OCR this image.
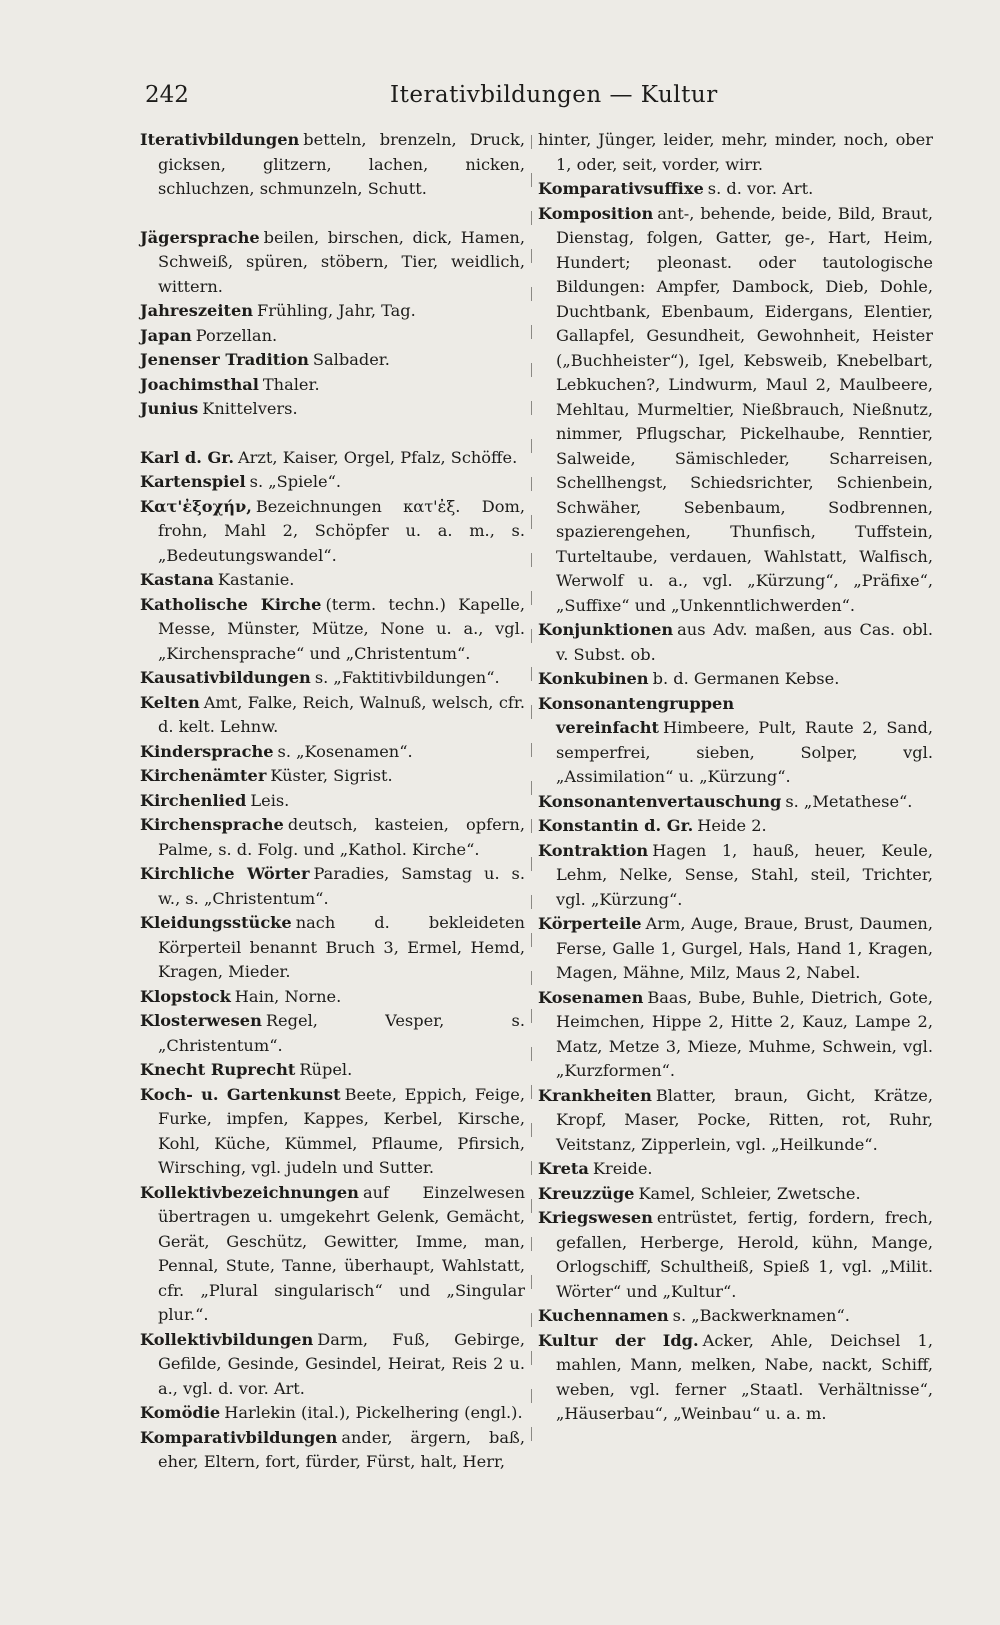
242	Iterativbildungen — Kultur

Iterativbildungen betteln, brenzeln, Druck, gicksen, glitzern, lachen, nicken, schluchzen, schmunzeln, Schutt.

Jägersprache beilen, birschen, dick, Hamen, Schweiß, spüren, stöbern, Tier, weidlich, wittern.

Jahreszeiten Frühling, Jahr, Tag.

Japan Porzellan.

Jenenser Tradition Salbader.

Joachimsthal Thaler.

Junius Knittelvers.

Karl d. Gr. Arzt, Kaiser, Orgel, Pfalz, Schöffe.

Kartenspiel s. „Spiele“.

Κατ'ἐξοχήν, Bezeichnungen κατ'ἐξ. Dom, frohn, Mahl 2, Schöpfer u. a. m., s. „Bedeutungswandel“.

Kastana Kastanie.

Katholische Kirche (term. techn.) Kapelle, Messe, Münster, Mütze, None u. a., vgl. „Kirchensprache“ und „Christentum“.

Kausativbildungen s. „Faktitivbildungen“.

Kelten Amt, Falke, Reich, Walnuß, welsch, cfr. d. kelt. Lehnw.

Kindersprache s. „Kosenamen“.

Kirchenämter Küster, Sigrist.

Kirchenlied Leis.

Kirchensprache deutsch, kasteien, opfern, Palme, s. d. Folg. und „Kathol. Kirche“.

Kirchliche Wörter Paradies, Samstag u. s. w., s. „Christentum“.

Kleidungsstücke nach d. bekleideten Körperteil benannt Bruch 3, Ermel, Hemd, Kragen, Mieder.

Klopstock Hain, Norne.

Klosterwesen Regel, Vesper, s. „Christentum“.

Knecht Ruprecht Rüpel.

Koch- u. Gartenkunst Beete, Eppich, Feige, Furke, impfen, Kappes, Kerbel, Kirsche, Kohl, Küche, Kümmel, Pflaume, Pfirsich, Wirsching, vgl. judeln und Sutter.

Kollektivbezeichnungen auf Einzelwesen übertragen u. umgekehrt Gelenk, Gemächt, Gerät, Geschütz, Gewitter, Imme, man, Pennal, Stute, Tanne, überhaupt, Wahlstatt, cfr. „Plural singularisch“ und „Singular plur.“.

Kollektivbildungen Darm, Fuß, Gebirge, Gefilde, Gesinde, Gesindel, Heirat, Reis 2 u. a., vgl. d. vor. Art.

Komödie Harlekin (ital.), Pickelhering (engl.).

Komparativbildungen ander, ärgern, baß, eher, Eltern, fort, fürder, Fürst, halt, Herr,

hinter, Jünger, leider, mehr, minder, noch, ober 1, oder, seit, vorder, wirr.

Komparativsuffixe s. d. vor. Art.

Komposition ant-, behende, beide, Bild, Braut, Dienstag, folgen, Gatter, ge-, Hart, Heim, Hundert; pleonast. oder tautologische Bildungen: Ampfer, Dambock, Dieb, Dohle, Duchtbank, Ebenbaum, Eidergans, Elentier, Gallapfel, Gesundheit, Gewohnheit, Heister („Buchheister“), Igel, Kebsweib, Knebelbart, Lebkuchen?, Lindwurm, Maul 2, Maulbeere, Mehltau, Murmeltier, Nießbrauch, Nießnutz, nimmer, Pflugschar, Pickelhaube, Renntier, Salweide, Sämischleder, Scharreisen, Schellhengst, Schiedsrichter, Schienbein, Schwäher, Sebenbaum, Sodbrennen, spazierengehen, Thunfisch, Tuffstein, Turteltaube, verdauen, Wahlstatt, Walfisch, Werwolf u. a., vgl. „Kürzung“, „Präfixe“, „Suffixe“ und „Unkenntlichwerden“.

Konjunktionen aus Adv. maßen, aus Cas. obl. v. Subst. ob.

Konkubinen b. d. Germanen Kebse.

Konsonantengruppen vereinfacht Himbeere, Pult, Raute 2, Sand, semperfrei, sieben, Solper, vgl. „Assimilation“ u. „Kürzung“.

Konsonantenvertauschung s. „Metathese“.

Konstantin d. Gr. Heide 2.

Kontraktion Hagen 1, hauß, heuer, Keule, Lehm, Nelke, Sense, Stahl, steil, Trichter, vgl. „Kürzung“.

Körperteile Arm, Auge, Braue, Brust, Daumen, Ferse, Galle 1, Gurgel, Hals, Hand 1, Kragen, Magen, Mähne, Milz, Maus 2, Nabel.

Kosenamen Baas, Bube, Buhle, Dietrich, Gote, Heimchen, Hippe 2, Hitte 2, Kauz, Lampe 2, Matz, Metze 3, Mieze, Muhme, Schwein, vgl. „Kurzformen“.

Krankheiten Blatter, braun, Gicht, Krätze, Kropf, Maser, Pocke, Ritten, rot, Ruhr, Veitstanz, Zipperlein, vgl. „Heilkunde“.

Kreta Kreide.

Kreuzzüge Kamel, Schleier, Zwetsche.

Kriegswesen entrüstet, fertig, fordern, frech, gefallen, Herberge, Herold, kühn, Mange, Orlogschiff, Schultheiß, Spieß 1, vgl. „Milit. Wörter“ und „Kultur“.

Kuchennamen s. „Backwerknamen“.

Kultur der Idg. Acker, Ahle, Deichsel 1, mahlen, Mann, melken, Nabe, nackt, Schiff, weben, vgl. ferner „Staatl. Verhältnisse“, „Häuserbau“, „Weinbau“ u. a. m.
